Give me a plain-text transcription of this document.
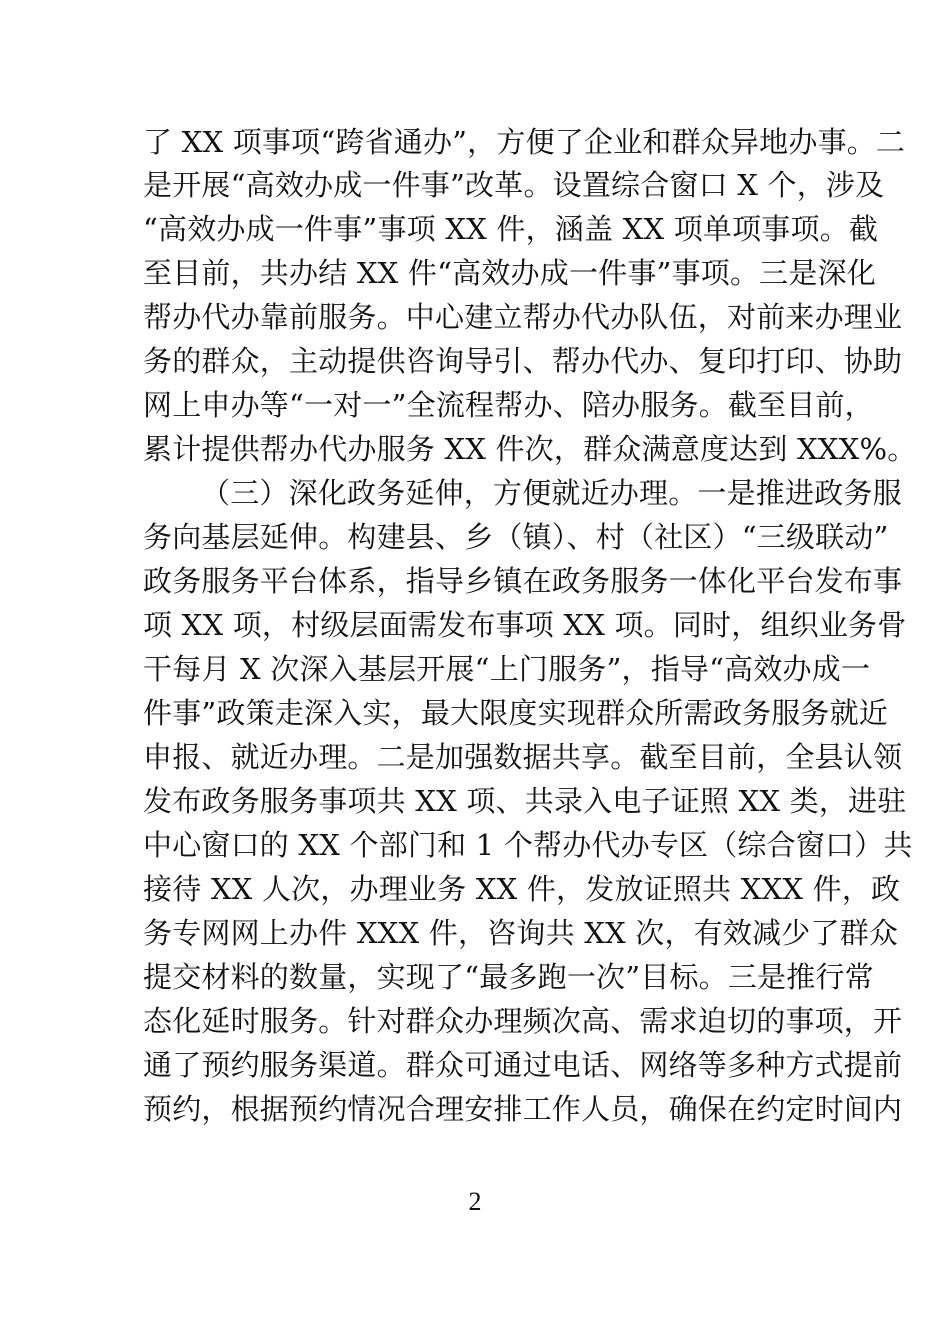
了 XX 项事项“跨省通办”，方便了企业和群众异地办事。二
是开展“高效办成一件事”改革。设置综合窗口 X 个，涉及
“高效办成一件事”事项 XX 件，涵盖 XX 项单项事项。截
至目前，共办结 XX 件“高效办成一件事”事项。三是深化
帮办代办靠前服务。中心建立帮办代办队伍，对前来办理业
务的群众，主动提供咨询导引、帮办代办、复印打印、协助
网上申办等“一对一”全流程帮办、陪办服务。截至目前，
累计提供帮办代办服务 XX 件次，群众满意度达到 XXX%。
（三）深化政务延伸，方便就近办理。一是推进政务服
务向基层延伸。构建县、乡（镇）、村（社区）“三级联动”
政务服务平台体系，指导乡镇在政务服务一体化平台发布事
项 XX 项，村级层面需发布事项 XX 项。同时，组织业务骨
干每月 X 次深入基层开展“上门服务”，指导“高效办成一
件事”政策走深入实，最大限度实现群众所需政务服务就近
申报、就近办理。二是加强数据共享。截至目前，全县认领
发布政务服务事项共 XX 项、共录入电子证照 XX 类，进驻
中心窗口的 XX 个部门和 1 个帮办代办专区（综合窗口）共
接待 XX 人次，办理业务 XX 件，发放证照共 XXX 件，政
务专网网上办件 XXX 件，咨询共 XX 次，有效减少了群众
提交材料的数量，实现了“最多跑一次”目标。三是推行常
态化延时服务。针对群众办理频次高、需求迫切的事项，开
通了预约服务渠道。群众可通过电话、网络等多种方式提前
预约，根据预约情况合理安排工作人员，确保在约定时间内
2
